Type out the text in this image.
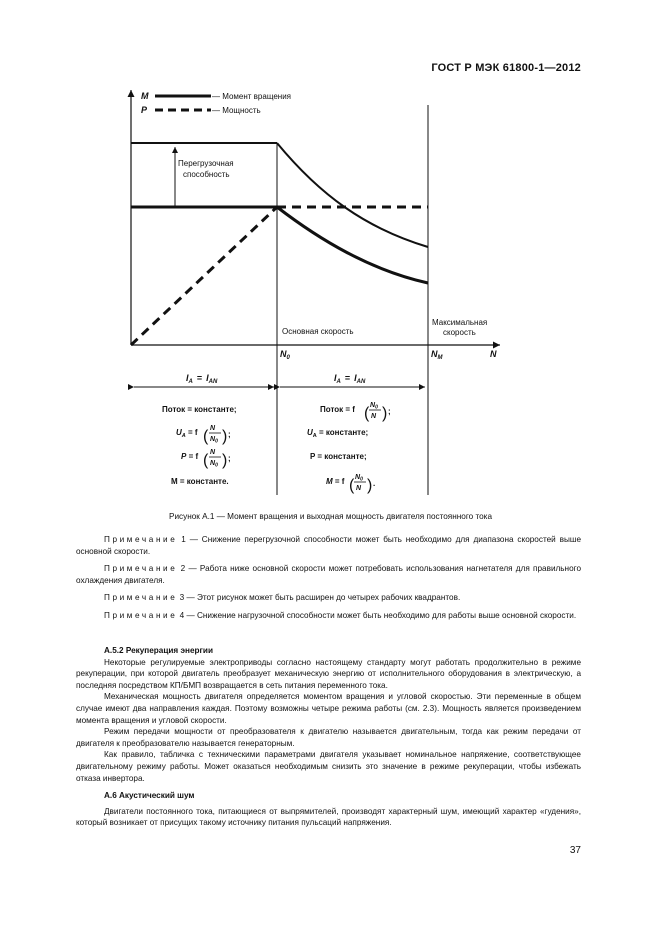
ГОСТ Р МЭК 61800-1—2012
M
P
— Момент вращения
— Мощность
Перегрузочная
способность
Основная скорость
Максимальная
скорость
$N_0$	$N_M$	N
$I_A = I_{AN}$	$I_A = I_{AN}$
Поток = константе;
$U_A = f$ ( N
$N_0$ ) ;
P = f ( N
$N_0$ ) ;
M = константе.
Поток = f ( $N_0$
N ) ;
$U_A$ = константе;
P = константе;
M = f ( $N_0$
N ) .
Рисунок А.1 — Момент вращения и выходная мощность двигателя постоянного тока

Примечание 1 — Снижение перегрузочной способности может быть необходимо для диапазона скоростей выше основной скорости.

Примечание 2 — Работа ниже основной скорости может потребовать использования нагнетателя для правильного охлаждения двигателя.

Примечание 3 — Этот рисунок может быть расширен до четырех рабочих квадрантов.

Примечание 4 — Снижение нагрузочной способности может быть необходимо для работы выше основной скорости.

А.5.2 Рекуперация энергии

Некоторые регулируемые электроприводы согласно настоящему стандарту могут работать продолжительно в режиме рекуперации, при которой двигатель преобразует механическую энергию от исполнительного оборудования в электрическую, а последняя посредством КП/БМП возвращается в сеть питания переменного тока.

Механическая мощность двигателя определяется моментом вращения и угловой скоростью. Эти переменные в общем случае имеют два направления каждая. Поэтому возможны четыре режима работы (см. 2.3). Мощность является произведением момента вращения и угловой скорости.

Режим передачи мощности от преобразователя к двигателю называется двигательным, тогда как режим передачи от двигателя к преобразователю называется генераторным.

Как правило, табличка с техническими параметрами двигателя указывает номинальное напряжение, соответствующее двигательному режиму работы. Может оказаться необходимым снизить это значение в режиме рекуперации, чтобы избежать отказа инвертора.

А.6 Акустический шум

Двигатели постоянного тока, питающиеся от выпрямителей, производят характерный шум, имеющий характер «гудения», который возникает от присущих такому источнику питания пульсаций напряжения.

37
